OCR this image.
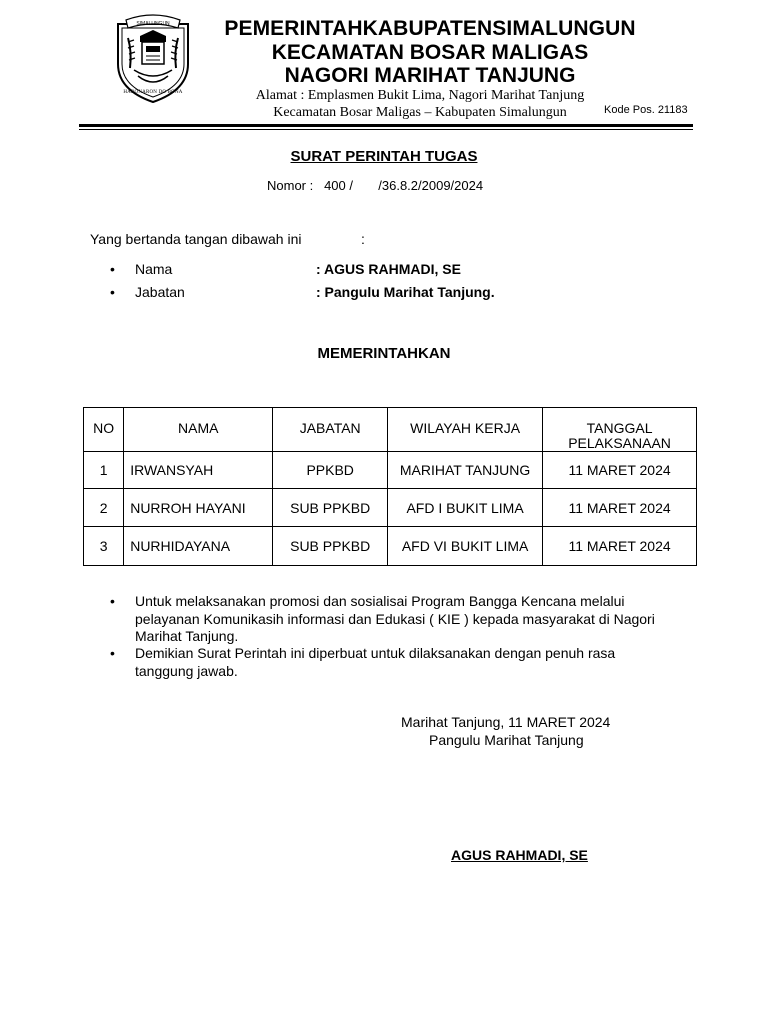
SIMALUNGUN
HABONARON DO BONA
PEMERINTAHKABUPATENSIMALUNGUN
KECAMATAN BOSAR MALIGAS
NAGORI MARIHAT TANJUNG
Alamat : Emplasmen Bukit Lima, Nagori Marihat Tanjung
Kecamatan Bosar Maligas – Kabupaten Simalungun	Kode Pos. 21183
SURAT PERINTAH TUGAS
Nomor :   400 /       /36.8.2/2009/2024
Yang bertanda tangan dibawah ini	:
• Nama	: AGUS RAHMADI, SE
• Jabatan	: Pangulu Marihat Tanjung.
MEMERINTAHKAN
NO	NAMA	JABATAN	WILAYAH KERJA	TANGGAL PELAKSANAAN
1	IRWANSYAH	PPKBD	MARIHAT TANJUNG	11 MARET 2024
2	NURROH HAYANI	SUB PPKBD	AFD I BUKIT LIMA	11 MARET 2024
3	NURHIDAYANA	SUB PPKBD	AFD VI BUKIT LIMA	11 MARET 2024
• Untuk melaksanakan promosi dan sosialisai Program Bangga Kencana melalui pelayanan Komunikasih informasi dan Edukasi ( KIE ) kepada masyarakat di Nagori Marihat Tanjung.
• Demikian Surat Perintah ini diperbuat untuk dilaksanakan dengan penuh rasa tanggung jawab.
Marihat Tanjung, 11 MARET 2024
Pangulu Marihat Tanjung
AGUS RAHMADI, SE
